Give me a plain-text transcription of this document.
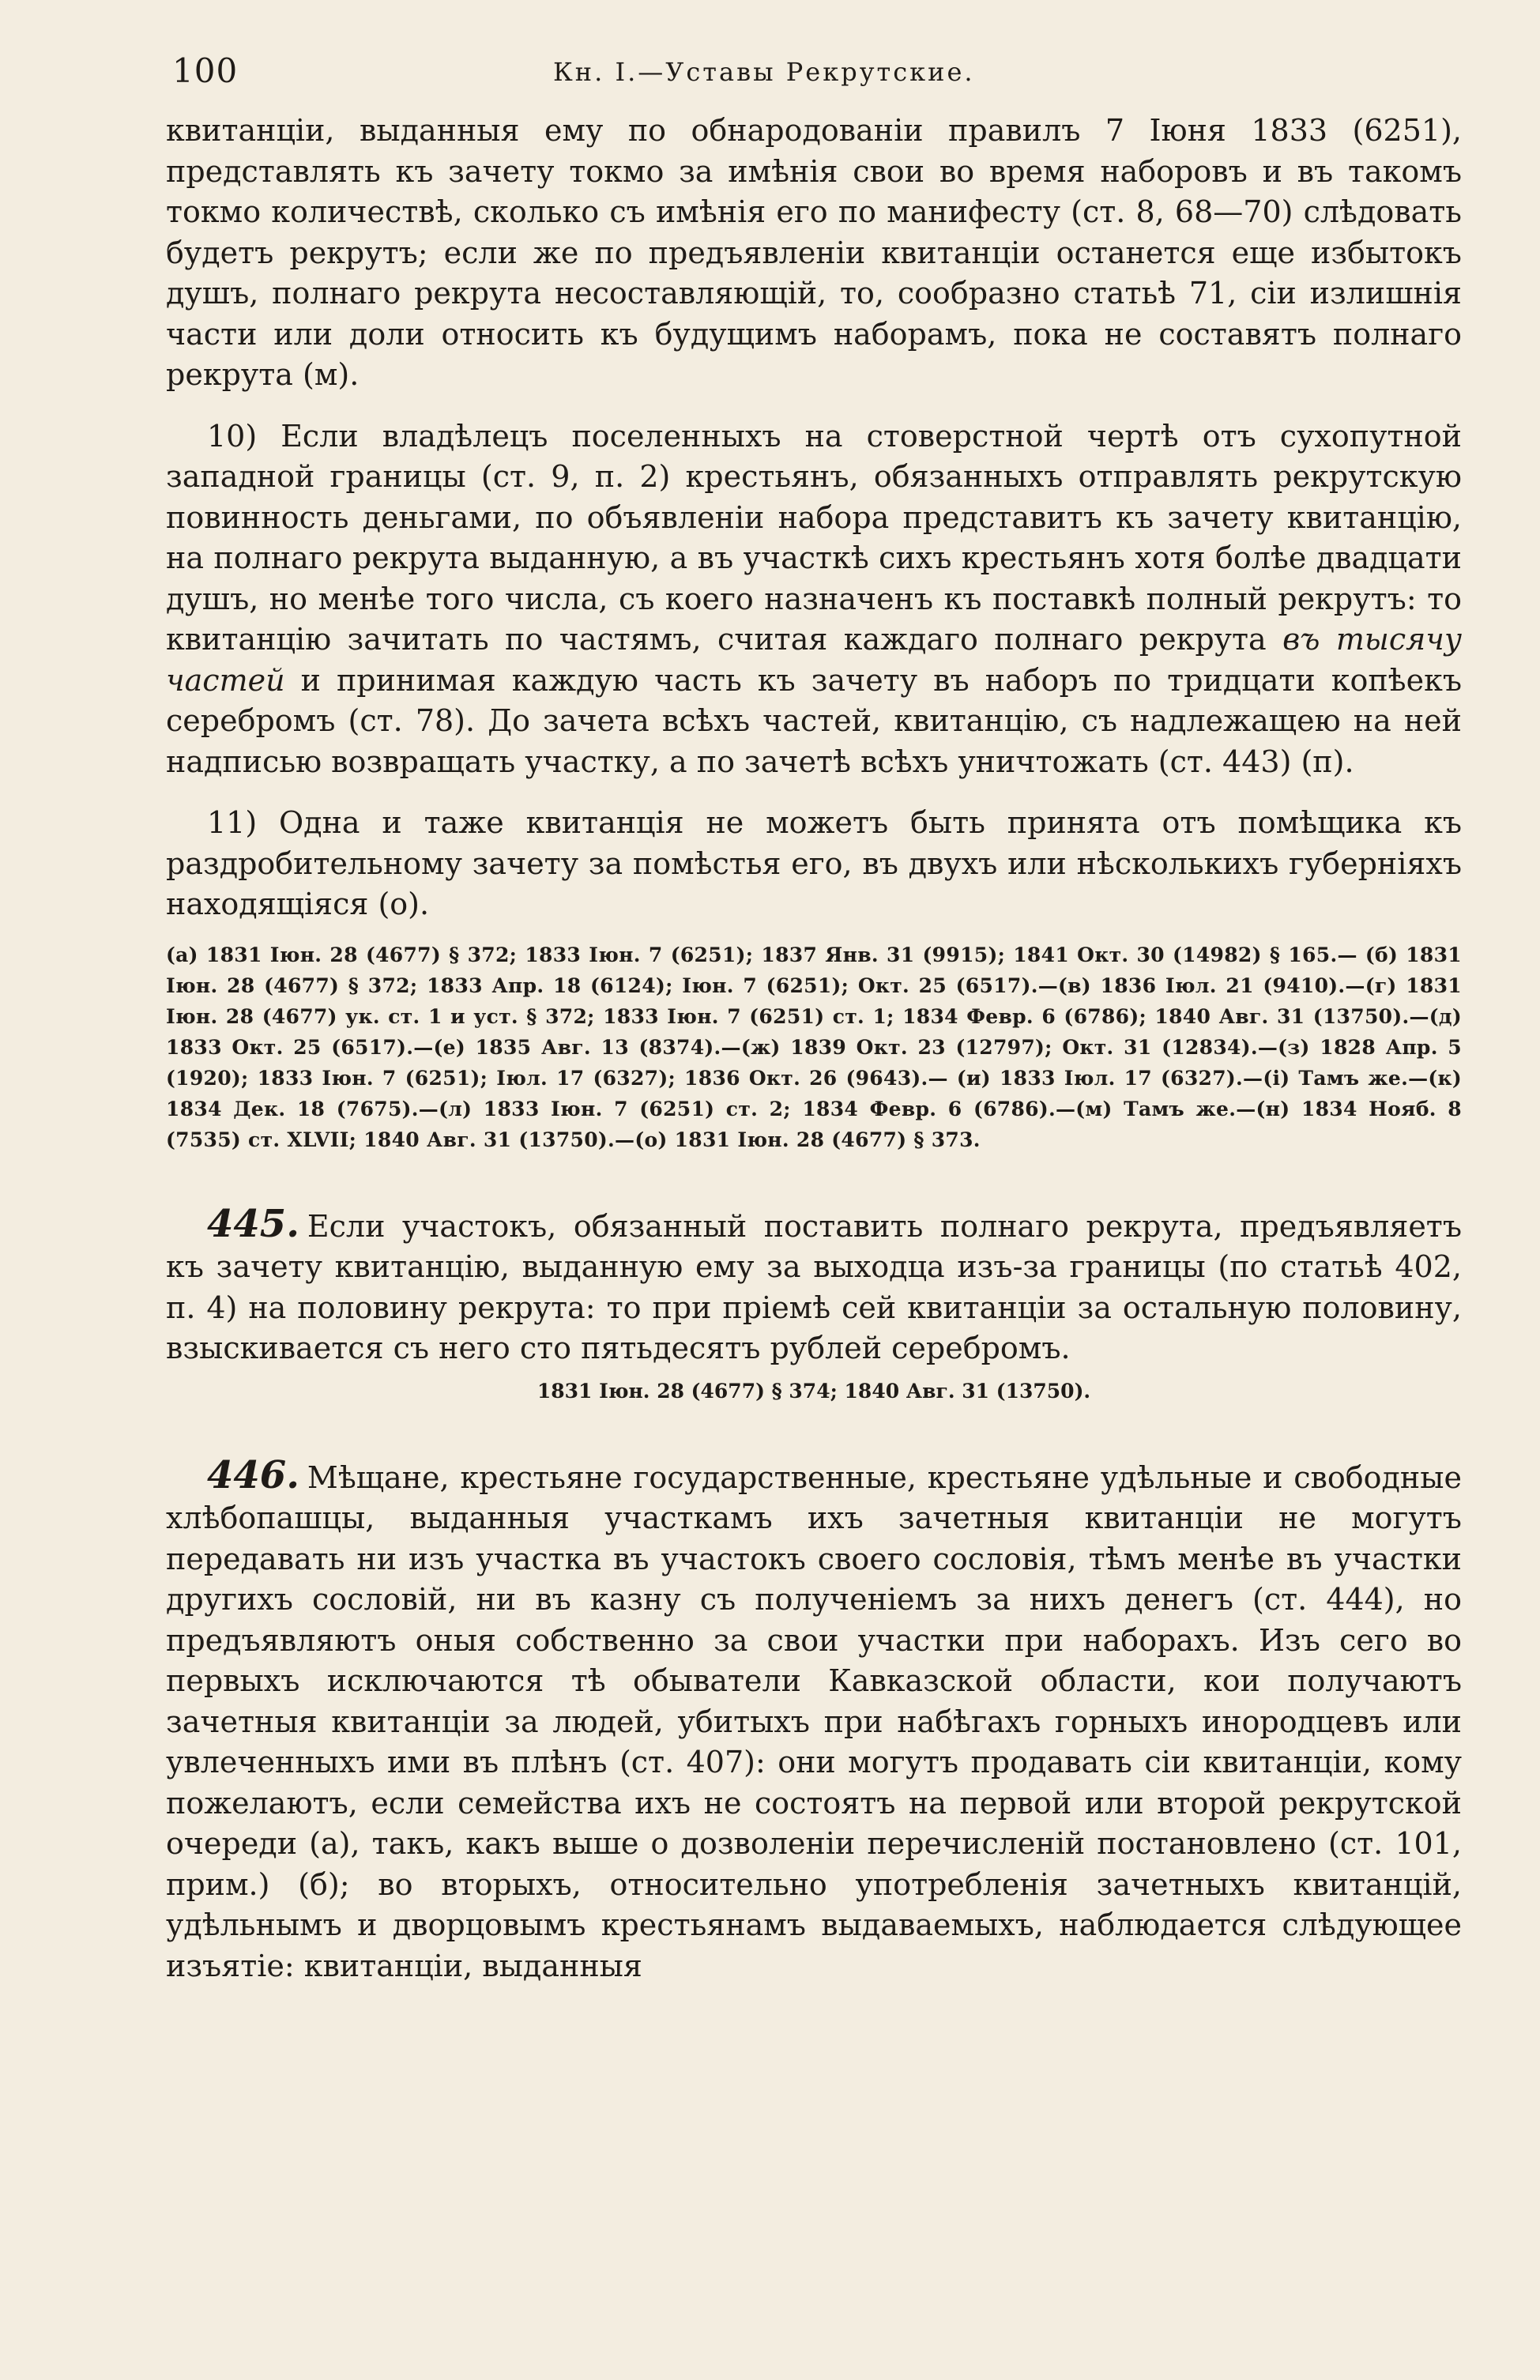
100	Кн. I.—Уставы Рекрутские.

квитанціи, выданныя ему по обнародованіи правилъ 7 Іюня 1833 (6251), представлять къ зачету токмо за имѣнія свои во время наборовъ и въ такомъ токмо количествѣ, сколько съ имѣнія его по манифесту (ст. 8, 68—70) слѣдовать будетъ рекрутъ; если же по предъявленіи квитанціи останется еще избытокъ душъ, полнаго рекрута несоставляющій, то, сообразно статьѣ 71, сіи излишнія части или доли относить къ будущимъ наборамъ, пока не составятъ полнаго рекрута (м).

10) Если владѣлецъ поселенныхъ на стоверстной чертѣ отъ сухопутной западной границы (ст. 9, п. 2) крестьянъ, обязанныхъ отправлять рекрутскую повинность деньгами, по объявленіи набора представитъ къ зачету квитанцію, на полнаго рекрута выданную, а въ участкѣ сихъ крестьянъ хотя болѣе двадцати душъ, но менѣе того числа, съ коего назначенъ къ поставкѣ полный рекрутъ: то квитанцію зачитать по частямъ, считая каждаго полнаго рекрута въ тысячу частей и принимая каждую часть къ зачету въ наборъ по тридцати копѣекъ серебромъ (ст. 78). До зачета всѣхъ частей, квитанцію, съ надлежащею на ней надписью возвращать участку, а по зачетѣ всѣхъ уничтожать (ст. 443) (п).

11) Одна и таже квитанція не можетъ быть принята отъ помѣщика къ раздробительному зачету за помѣстья его, въ двухъ или нѣсколькихъ губерніяхъ находящіяся (о).

(а) 1831 Іюн. 28 (4677) § 372; 1833 Іюн. 7 (6251); 1837 Янв. 31 (9915); 1841 Окт. 30 (14982) § 165.— (б) 1831 Іюн. 28 (4677) § 372; 1833 Апр. 18 (6124); Іюн. 7 (6251); Окт. 25 (6517).—(в) 1836 Іюл. 21 (9410).—(г) 1831 Іюн. 28 (4677) ук. ст. 1 и уст. § 372; 1833 Іюн. 7 (6251) ст. 1; 1834 Февр. 6 (6786); 1840 Авг. 31 (13750).—(д) 1833 Окт. 25 (6517).—(е) 1835 Авг. 13 (8374).—(ж) 1839 Окт. 23 (12797); Окт. 31 (12834).—(з) 1828 Апр. 5 (1920); 1833 Іюн. 7 (6251); Іюл. 17 (6327); 1836 Окт. 26 (9643).— (и) 1833 Іюл. 17 (6327).—(і) Тамъ же.—(к) 1834 Дек. 18 (7675).—(л) 1833 Іюн. 7 (6251) ст. 2; 1834 Февр. 6 (6786).—(м) Тамъ же.—(н) 1834 Нояб. 8 (7535) ст. XLVII; 1840 Авг. 31 (13750).—(о) 1831 Іюн. 28 (4677) § 373.

445. Если участокъ, обязанный поставить полнаго рекрута, предъявляетъ къ зачету квитанцію, выданную ему за выходца изъ-за границы (по статьѣ 402, п. 4) на половину рекрута: то при пріемѣ сей квитанціи за остальную половину, взыскивается съ него сто пятьдесятъ рублей серебромъ.

1831 Іюн. 28 (4677) § 374; 1840 Авг. 31 (13750).

446. Мѣщане, крестьяне государственные, крестьяне удѣльные и свободные хлѣбопашцы, выданныя участкамъ ихъ зачетныя квитанціи не могутъ передавать ни изъ участка въ участокъ своего сословія, тѣмъ менѣе въ участки другихъ сословій, ни въ казну съ полученіемъ за нихъ денегъ (ст. 444), но предъявляютъ оныя собственно за свои участки при наборахъ. Изъ сего во первыхъ исключаются тѣ обыватели Кавказской области, кои получаютъ зачетныя квитанціи за людей, убитыхъ при набѣгахъ горныхъ инородцевъ или увлеченныхъ ими въ плѣнъ (ст. 407): они могутъ продавать сіи квитанціи, кому пожелаютъ, если семейства ихъ не состоятъ на первой или второй рекрутской очереди (а), такъ, какъ выше о дозволеніи перечисленій постановлено (ст. 101, прим.) (б); во вторыхъ, относительно употребленія зачетныхъ квитанцій, удѣльнымъ и дворцовымъ крестьянамъ выдаваемыхъ, наблюдается слѣдующее изъятіе: квитанціи, выданныя
